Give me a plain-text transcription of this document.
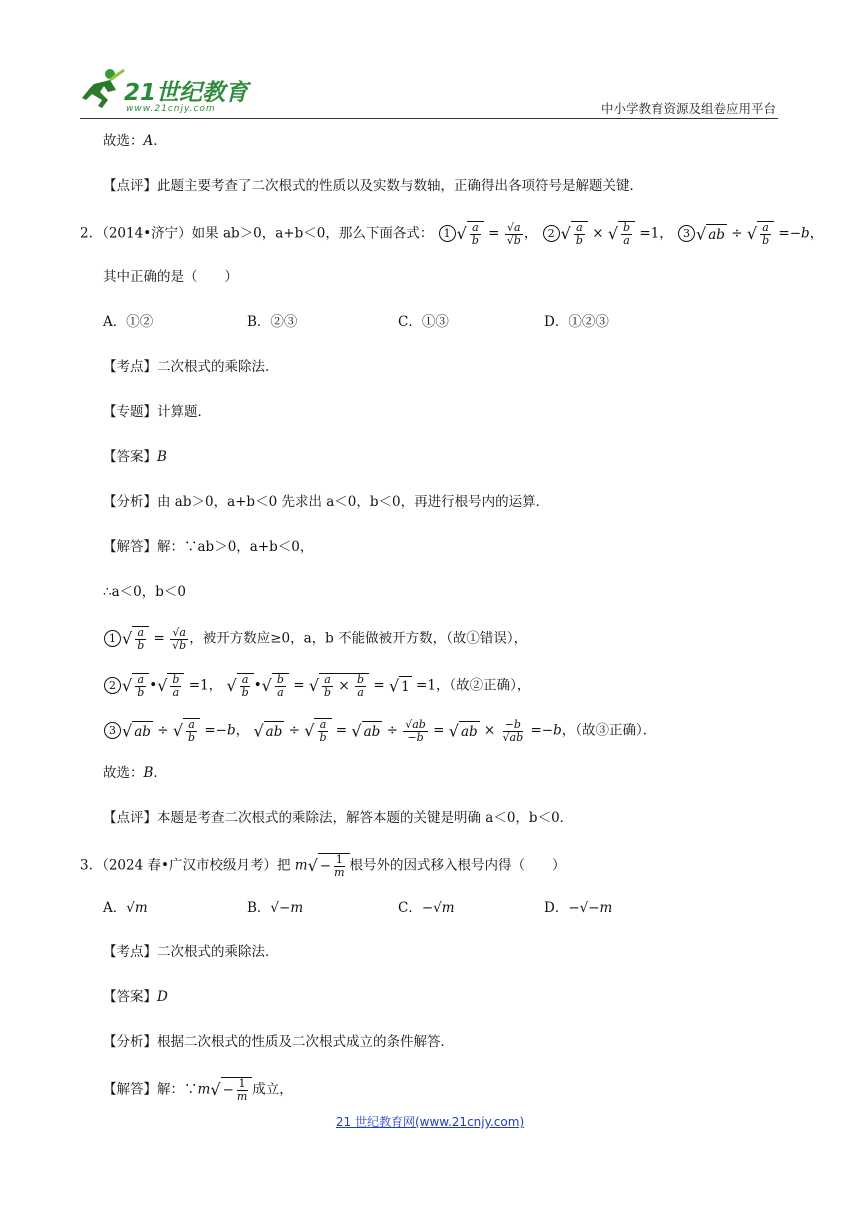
21世纪教育
www.21cnjy.com	中小学教育资源及组卷应用平台
故选：A．
【点评】此题主要考查了二次根式的性质以及实数与数轴，正确得出各项符号是解题关键．
2．（2014•济宁）如果 ab＞0，a+b＜0，那么下面各式： 1 √ $\frac{a}{b} = \frac{√a}{√b}$ ， 2 √ $\frac{a}{b}$ × √ $\frac{b}{a} =1$， 3 √ ab ÷ √ $\frac{a}{b} =-b$，
其中正确的是（　　）
A．①②	B．②③	C．①③	D．①②③
【考点】二次根式的乘除法．
【专题】计算题．
【答案】B
【分析】由 ab＞0，a+b＜0 先求出 a＜0，b＜0，再进行根号内的运算．
【解答】解：∵ab＞0，a+b＜0，
∴a＜0，b＜0
1 √ $\frac{a}{b} = \frac{√a}{√b}$ ，被开方数应≥0，a，b 不能做被开方数，（故①错误），
2 √ $\frac{a}{b}$ •√ $\frac{b}{a} =1$， √ $\frac{a}{b}$ •√ $\frac{b}{a}$ = √ $\frac{a}{b} \times \frac{b}{a}$ = √ 1 =1，（故②正确），
3 √ ab ÷ √ $\frac{a}{b} =-b$， √ ab ÷ √ $\frac{a}{b}$ = √ ab ÷ $\frac{√ab}{-b}$ = √ ab × $\frac{-b}{√ab} =-b$，（故③正确）．
故选：B．
【点评】本题是考查二次根式的乘除法，解答本题的关键是明确 a＜0，b＜0．
3．（2024 春•广汉市校级月考）把 $m√ - \frac{1}{m}$ 根号外的因式移入根号内得（　　）
A．√m	B．√−m	C．−√m	D．−√−m
【考点】二次根式的乘除法．
【答案】D
【分析】根据二次根式的性质及二次根式成立的条件解答．
【解答】解：∵m√ − $\frac{1}{m}$ 成立，
21 世纪教育网(www.21cnjy.com)
